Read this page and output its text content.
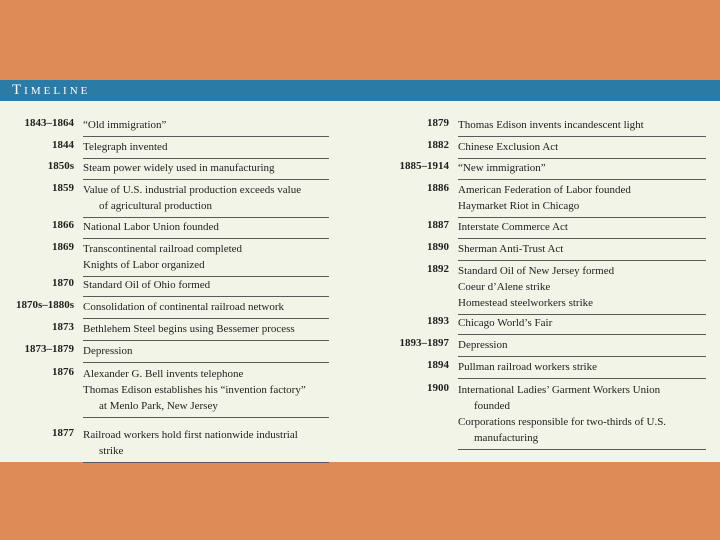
Timeline
1843–1864 “Old immigration”
1844 Telegraph invented
1850s Steam power widely used in manufacturing
1859 Value of U.S. industrial production exceeds value
of agricultural production
1866 National Labor Union founded
1869 Transcontinental railroad completed
Knights of Labor organized
1870 Standard Oil of Ohio formed
1870s–1880s Consolidation of continental railroad network
1873 Bethlehem Steel begins using Bessemer process
1873–1879 Depression
1876 Alexander G. Bell invents telephone
Thomas Edison establishes his “invention factory”
at Menlo Park, New Jersey
1877 Railroad workers hold first nationwide industrial
strike
1879 Thomas Edison invents incandescent light
1882 Chinese Exclusion Act
1885–1914 “New immigration”
1886 American Federation of Labor founded
Haymarket Riot in Chicago
1887 Interstate Commerce Act
1890 Sherman Anti-Trust Act
1892 Standard Oil of New Jersey formed
Coeur d’Alene strike
Homestead steelworkers strike
1893 Chicago World’s Fair
1893–1897 Depression
1894 Pullman railroad workers strike
1900 International Ladies’ Garment Workers Union
founded
Corporations responsible for two-thirds of U.S.
manufacturing
